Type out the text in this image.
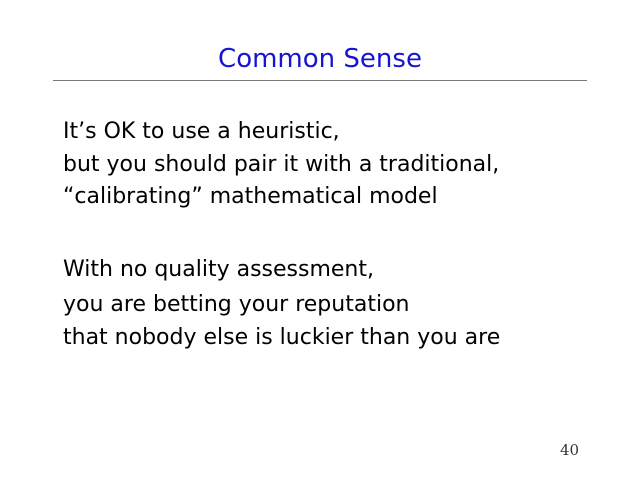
Common Sense
It’s OK to use a heuristic,
but you should pair it with a traditional,
“calibrating” mathematical model
With no quality assessment,
you are betting your reputation
that nobody else is luckier than you are
40
